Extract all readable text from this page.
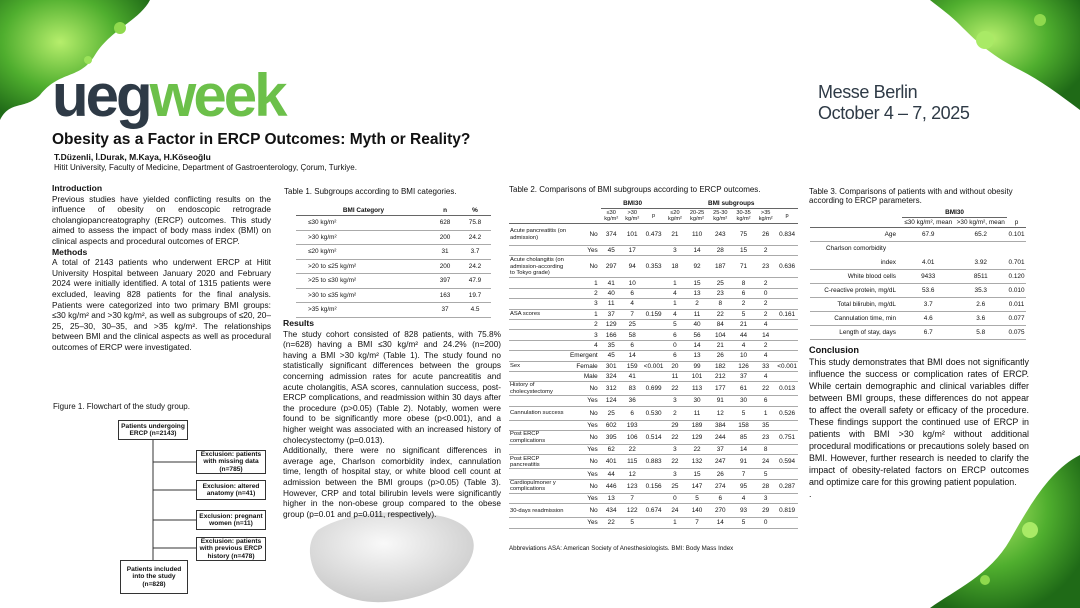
uegweek	Messe Berlin
October 4 – 7, 2025
Obesity as a Factor in ERCP Outcomes: Myth or Reality?
T.Düzenli, İ.Durak, M.Kaya, H.Köseoğlu
Hitit University, Faculty of Medicine, Department of Gastroenterology, Çorum, Turkiye.
Introduction
Previous studies have yielded conflicting results on the influence of obesity on endoscopic retrograde cholangiopancreatography (ERCP) outcomes. This study aimed to assess the impact of body mass index (BMI) on clinical aspects and procedural outcomes of ERCP.
Methods
A total of 2143 patients who underwent ERCP at Hitit University Hospital between January 2020 and February 2024 were initially identified. A total of 1315 patients were excluded, leaving 828 patients for the final analysis. Patients were categorized into two primary BMI groups: ≤30 kg/m² and >30 kg/m², as well as subgroups of ≤20, 20–25, 25–30, 30–35, and >35 kg/m². The relationships between BMI and the clinical aspects as well as procedural outcomes of ERCP were investigated.
Figure 1. Flowchart of the study group.
Patients undergoing ERCP (n=2143)
Exclusion: patients with missing data (n=785)
Exclusion: altered anatomy (n=41)
Exclusion: pregnant women (n=11)
Exclusion: patients with previous ERCP history (n=478)
Patients included into the study (n=828)
Table 1. Subgroups according to BMI categories.
BMI Category	n	%
≤30 kg/m²	628	75.8
>30 kg/m²	200	24.2
≤20 kg/m²	31	3.7
>20 to ≤25 kg/m²	200	24.2
>25 to ≤30 kg/m²	397	47.9
>30 to ≤35 kg/m²	163	19.7
>35 kg/m²	37	4.5
Results
The study cohort consisted of 828 patients, with 75.8% (n=628) having a BMI ≤30 kg/m² and 24.2% (n=200) having a BMI >30 kg/m² (Table 1). The study found no statistically significant differences between the groups concerning admission rates for acute pancreatitis and acute cholangitis, ASA scores, cannulation success, post-ERCP complications, and readmission within 30 days after the procedure (p>0.05) (Table 2). Notably, women were found to be significantly more obese (p<0.001), and a higher weight was associated with an increased history of cholecystectomy (p=0.013).
Additionally, there were no significant differences in average age, Charlson comorbidity index, cannulation time, length of hospital stay, or white blood cell count at admission between the BMI groups (p>0.05) (Table 3). However, CRP and total bilirubin levels were significantly higher in the non-obese group compared to the obese group (p=0.01 and p=0.011, respectively).
Table 2. Comparisons of BMI subgroups according to ERCP outcomes.
		BMI30			BMI subgroups					
		≤30 kg/m²	>30 kg/m²	p	≤20 kg/m²	20-25 kg/m²	25-30 kg/m²	30-35 kg/m²	>35 kg/m²	p
Acute pancreatitis (on admission)	No	374	101	0.473	21	110	243	75	26	0.834
	Yes	45	17		3	14	28	15	2	
Acute cholangitis (on admission-according to Tokyo grade)	No	297	94	0.353	18	92	187	71	23	0.636
	1	41	10		1	15	25	8	2	
	2	40	6		4	13	23	6	0	
	3	11	4		1	2	8	2	2	
ASA scores	1	37	7	0.159	4	11	22	5	2	0.161
	2	129	25		5	40	84	21	4	
	3	166	58		6	56	104	44	14	
	4	35	6		0	14	21	4	2	
	Emergent	45	14		6	13	26	10	4	
Sex	Female	301	159	<0.001	20	99	182	126	33	<0.001
	Male	324	41		11	101	212	37	4	
History of cholecystectomy	No	312	83	0.699	22	113	177	61	22	0.013
	Yes	124	36		3	30	91	30	6	
Cannulation success	No	25	6	0.530	2	11	12	5	1	0.526
	Yes	602	193		29	189	384	158	35	
Post ERCP complications	No	395	106	0.514	22	129	244	85	23	0.751
	Yes	62	22		3	22	37	14	8	
Post ERCP pancreatitis	No	401	115	0.883	22	132	247	91	24	0.594
	Yes	44	12		3	15	26	7	5	
Cardiopulmoner y complications	No	446	123	0.156	25	147	274	95	28	0.287
	Yes	13	7		0	5	6	4	3	
30-days readmission	No	434	122	0.674	24	140	270	93	29	0.819
	Yes	22	5		1	7	14	5	0	
Abbreviations ASA: American Society of Anesthesiologists. BMI: Body Mass Index
Table 3. Comparisons of patients with and without obesity according to ERCP parameters.
	BMI30		
	≤30 kg/m², mean	>30 kg/m², mean	p
Age	67.9	65.2	0.101
Charlson comorbidity			
index	4.01	3.92	0.701
White blood cells	9433	8511	0.120
C-reactive protein, mg/dL	53.6	35.3	0.010
Total bilirubin, mg/dL	3.7	2.6	0.011
Cannulation time, min	4.6	3.6	0.077
Length of stay, days	6.7	5.8	0.075
Conclusion
This study demonstrates that BMI does not significantly influence the success or complication rates of ERCP. While certain demographic and clinical variables differ between BMI groups, these differences do not appear to affect the overall safety or efficacy of the procedure. These findings support the continued use of ERCP in patients with BMI >30 kg/m² without additional procedural modifications or precautions solely based on BMI. However, further research is needed to clarify the impact of obesity-related factors on ERCP outcomes and optimize care for this growing patient population.
.
